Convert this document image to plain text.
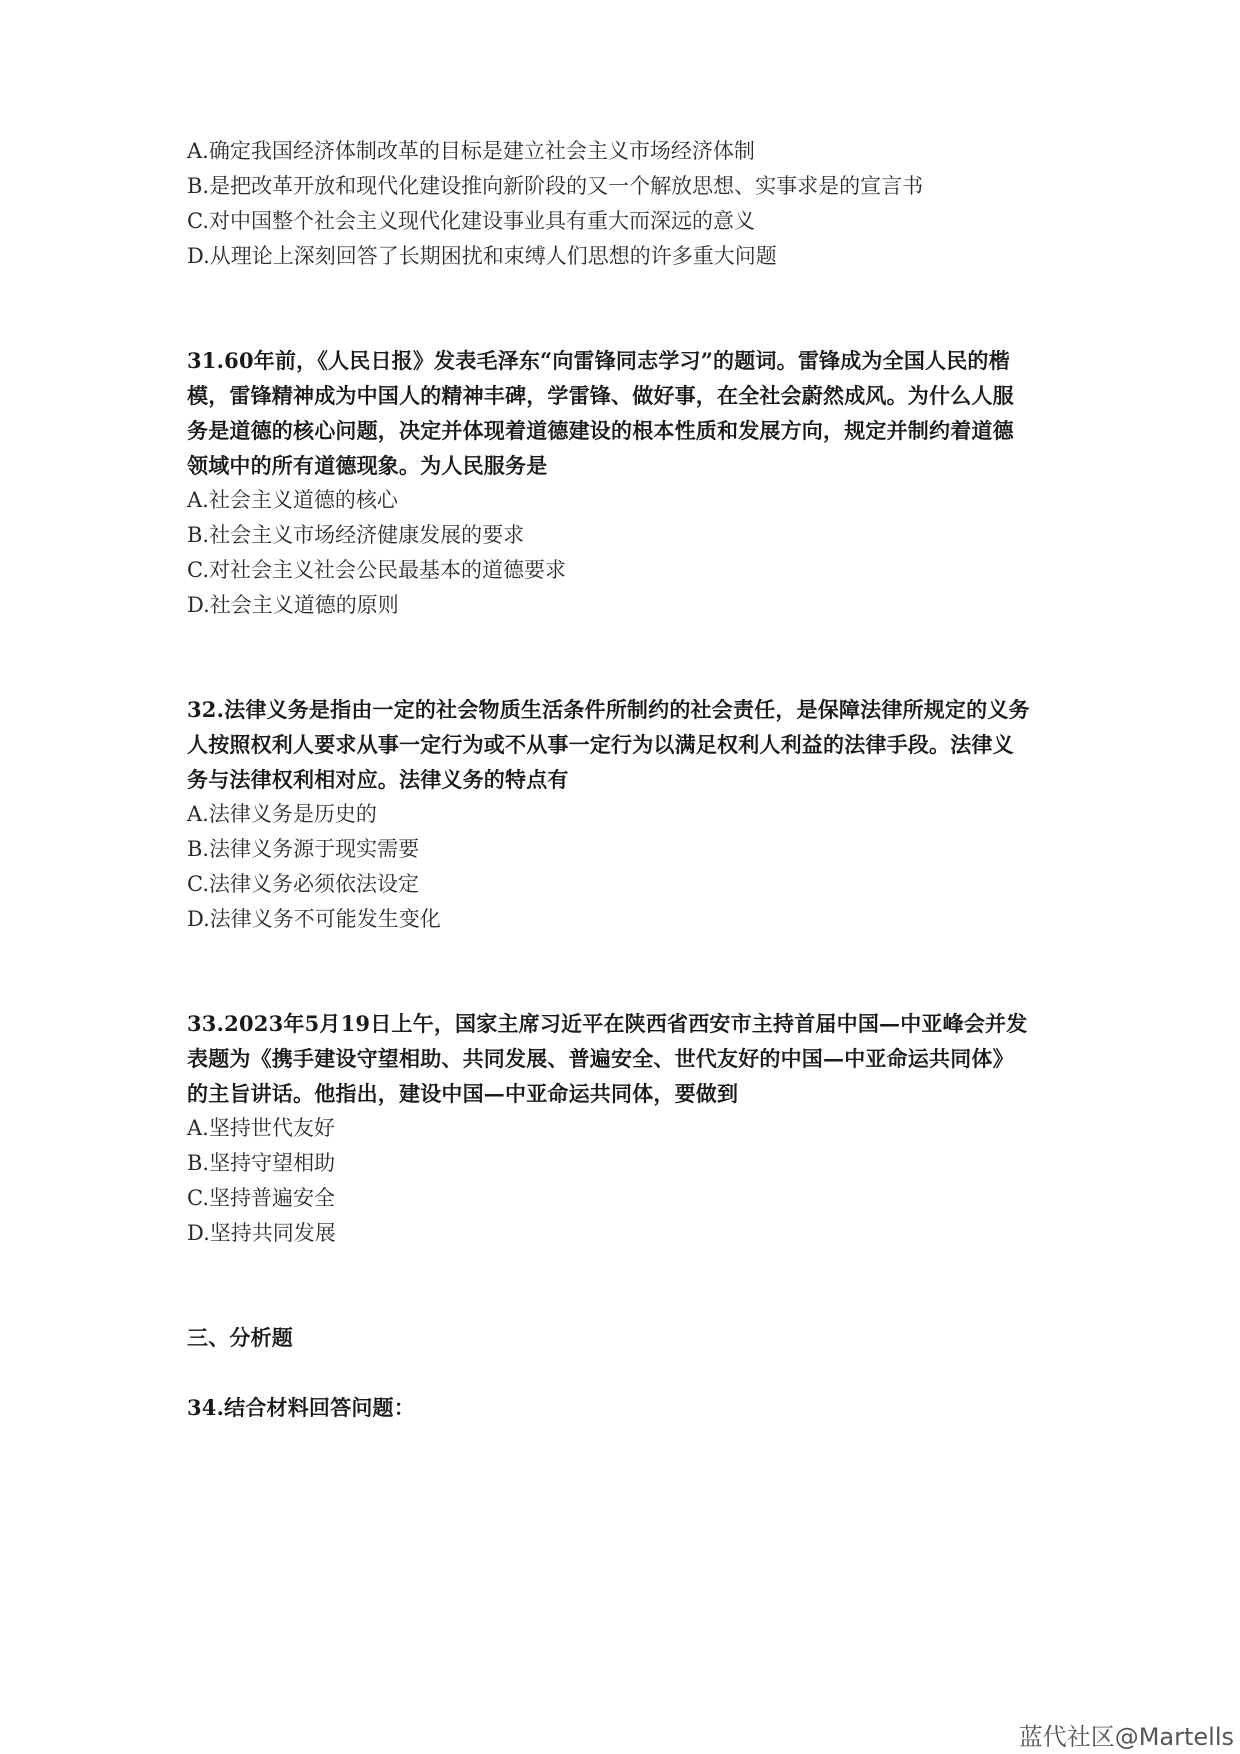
A.确定我国经济体制改革的目标是建立社会主义市场经济体制
B.是把改革开放和现代化建设推向新阶段的又一个解放思想、实事求是的宣言书
C.对中国整个社会主义现代化建设事业具有重大而深远的意义
D.从理论上深刻回答了长期困扰和束缚人们思想的许多重大问题
31.60年前，《人民日报》发表毛泽东“向雷锋同志学习”的题词。雷锋成为全国人民的楷
模，雷锋精神成为中国人的精神丰碑，学雷锋、做好事，在全社会蔚然成风。为什么人服
务是道德的核心问题，决定并体现着道德建设的根本性质和发展方向，规定并制约着道德
领域中的所有道德现象。为人民服务是
A.社会主义道德的核心
B.社会主义市场经济健康发展的要求
C.对社会主义社会公民最基本的道德要求
D.社会主义道德的原则
32.法律义务是指由一定的社会物质生活条件所制约的社会责任，是保障法律所规定的义务
人按照权利人要求从事一定行为或不从事一定行为以满足权利人利益的法律手段。法律义
务与法律权利相对应。法律义务的特点有
A.法律义务是历史的
B.法律义务源于现实需要
C.法律义务必须依法设定
D.法律义务不可能发生变化
33.2023年5月19日上午，国家主席习近平在陕西省西安市主持首届中国—中亚峰会并发
表题为《携手建设守望相助、共同发展、普遍安全、世代友好的中国—中亚命运共同体》
的主旨讲话。他指出，建设中国—中亚命运共同体，要做到
A.坚持世代友好
B.坚持守望相助
C.坚持普遍安全
D.坚持共同发展
三、分析题
34.结合材料回答问题：
蓝代社区@Martells
